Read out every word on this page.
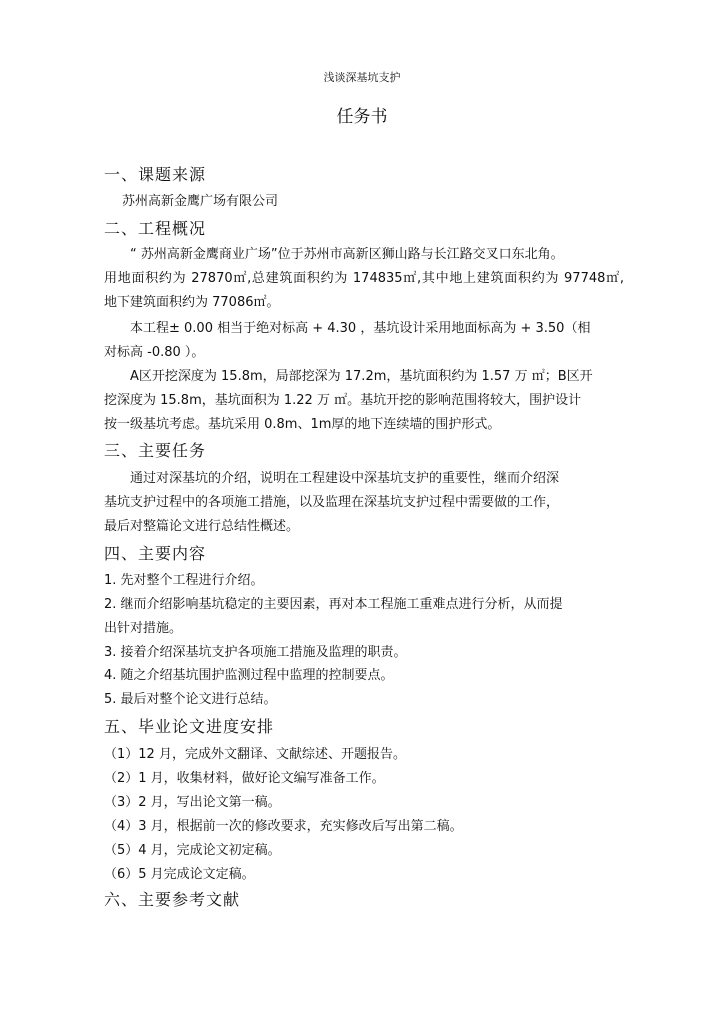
浅谈深基坑支护
任务书
一、课题来源
苏州高新金鹰广场有限公司
二、工程概况
“ 苏州高新金鹰商业广场”位于苏州市高新区狮山路与长江路交叉口东北角。
用地面积约为 27870㎡,总建筑面积约为 174835㎡,其中地上建筑面积约为 97748㎡,
地下建筑面积约为 77086㎡。
本工程± 0.00 相当于绝对标高 + 4.30 ，基坑设计采用地面标高为 + 3.50（相
对标高 -0.80 ）。
A区开挖深度为 15.8m，局部挖深为 17.2m，基坑面积约为 1.57 万 ㎡；B区开
挖深度为 15.8m，基坑面积为 1.22 万 ㎡。基坑开挖的影响范围将较大，围护设计
按一级基坑考虑。基坑采用 0.8m、1m厚的地下连续墙的围护形式。
三、主要任务
通过对深基坑的介绍，说明在工程建设中深基坑支护的重要性，继而介绍深
基坑支护过程中的各项施工措施，以及监理在深基坑支护过程中需要做的工作，
最后对整篇论文进行总结性概述。
四、主要内容
1. 先对整个工程进行介绍。
2. 继而介绍影响基坑稳定的主要因素，再对本工程施工重难点进行分析，从而提
出针对措施。
3. 接着介绍深基坑支护各项施工措施及监理的职责。
4. 随之介绍基坑围护监测过程中监理的控制要点。
5. 最后对整个论文进行总结。
五、毕业论文进度安排
（1）12 月，完成外文翻译、文献综述、开题报告。
（2）1 月，收集材料，做好论文编写准备工作。
（3）2 月，写出论文第一稿。
（4）3 月，根据前一次的修改要求，充实修改后写出第二稿。
（5）4 月，完成论文初定稿。
（6）5 月完成论文定稿。
六、主要参考文献
